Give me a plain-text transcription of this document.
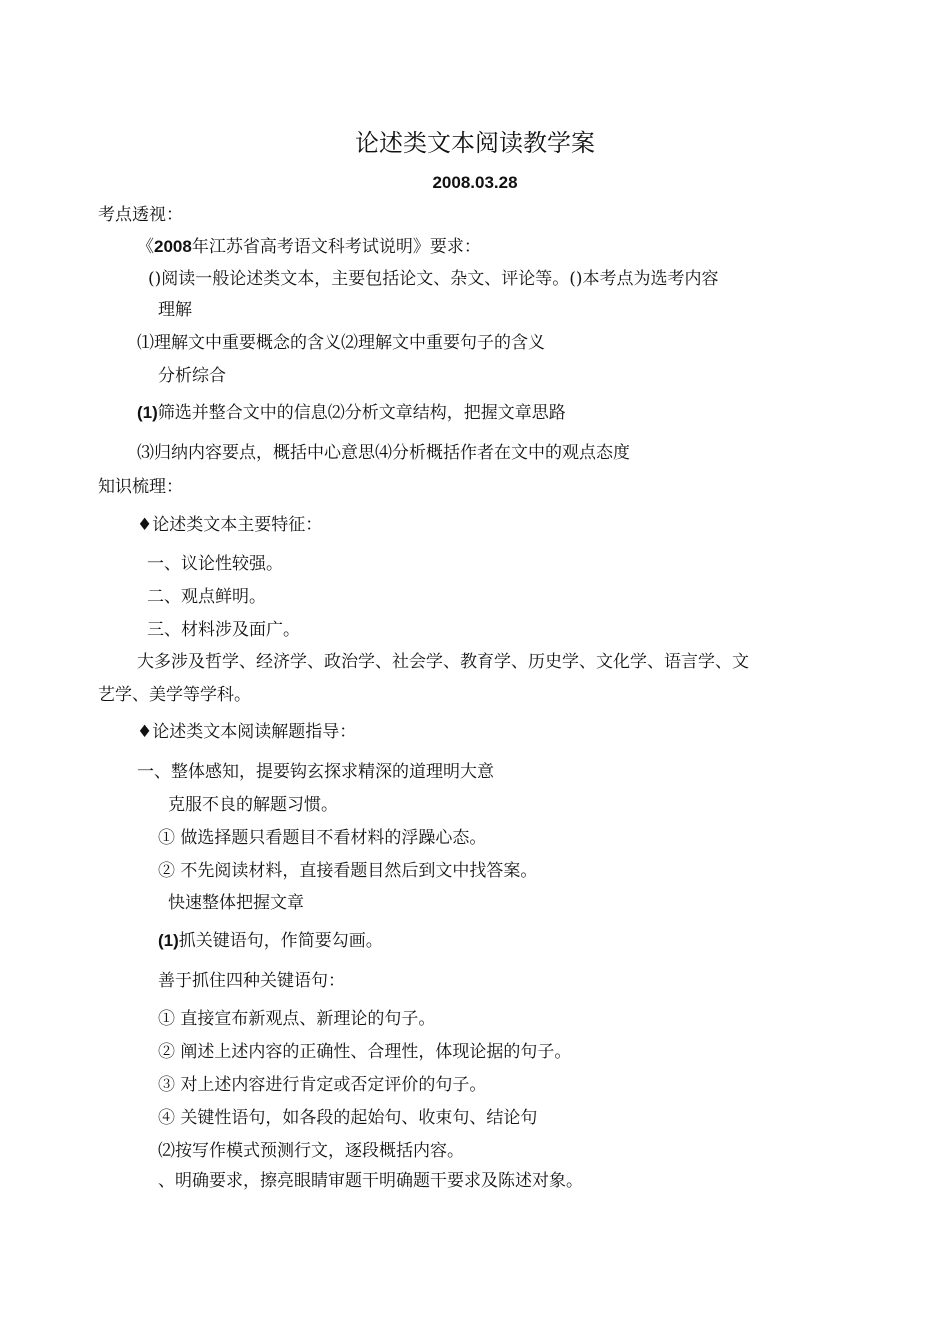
论述类文本阅读教学案
2008.03.28

考点透视：

《2008年江苏省高考语文科考试说明》要求：

()阅读一般论述类文本，主要包括论文、杂文、评论等。()本考点为选考内容

理解

⑴理解文中重要概念的含义⑵理解文中重要句子的含义

分析综合

(1)筛选并整合文中的信息⑵分析文章结构，把握文章思路

⑶归纳内容要点，概括中心意思⑷分析概括作者在文中的观点态度

知识梳理：

♦论述类文本主要特征：

一、议论性较强。

二、观点鲜明。

三、材料涉及面广。

大多涉及哲学、经济学、政治学、社会学、教育学、历史学、文化学、语言学、文

艺学、美学等学科。

♦论述类文本阅读解题指导：

一、整体感知，提要钩玄探求精深的道理明大意

克服不良的解题习惯。

① 做选择题只看题目不看材料的浮躁心态。

② 不先阅读材料，直接看题目然后到文中找答案。

快速整体把握文章

(1)抓关键语句，作简要勾画。

善于抓住四种关键语句：

① 直接宣布新观点、新理论的句子。

② 阐述上述内容的正确性、合理性，体现论据的句子。

③ 对上述内容进行肯定或否定评价的句子。

④ 关键性语句，如各段的起始句、收束句、结论句

⑵按写作模式预测行文，逐段概括内容。

、明确要求，擦亮眼睛审题干明确题干要求及陈述对象。
